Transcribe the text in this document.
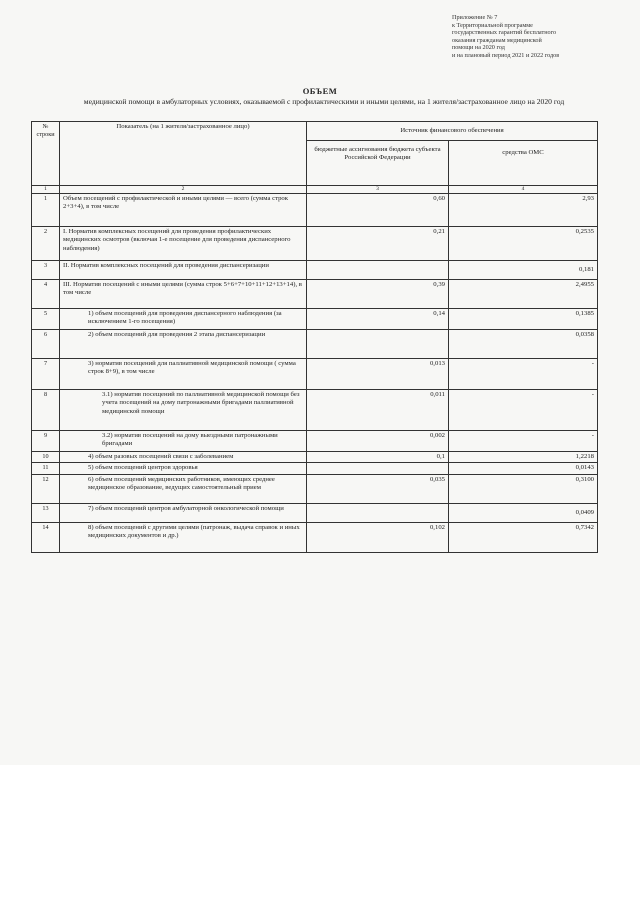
Приложение № 7
к Территориальной программе
государственных гарантий бесплатного
оказания гражданам медицинской
помощи на 2020 год
и на плановый период 2021 и 2022 годов
ОБЪЕМ
медицинской помощи в амбулаторных условиях, оказываемой с профилактическими и иными целями, на 1 жителя/застрахованное лицо на 2020 год
№ строки	Показатель (на 1 жителя/застрахованное лицо)	Источник финансового обеспечения	
		бюджетные ассигнования бюджета субъекта Российской Федерации	средства ОМС
1	2	3	4
1	Объем посещений с профилактической и иными целями — всего (сумма строк 2+3+4), в том числе	0,60	2,93
2	I. Норматив комплексных посещений для проведения профилактических медицинских осмотров (включая 1-е посещение для проведения диспансерного наблюдения)	0,21	0,2535
3	II. Норматив комплексных посещений для проведения диспансеризации		0,181
4	III. Норматив посещений с иными целями (сумма строк 5+6+7+10+11+12+13+14), в том числе	0,39	2,4955
5	1) объем посещений для проведения диспансерного наблюдения (за исключением 1-го посещения)	0,14	0,1385
6	2) объем посещений для проведения 2 этапа диспансеризации		0,0358
7	3) норматив посещений для паллиативной медицинской помощи ( сумма строк 8+9), в том числе	0,013	-
8	3.1) норматив посещений по паллиативной медицинской помощи без учета посещений на дому патронажными бригадами паллиативной медицинской помощи	0,011	-
9	3.2) норматив посещений на дому выездными патронажными бригадами	0,002	-
10	4) объем разовых посещений связи с заболеванием	0,1	1,2218
11	5) объем посещений центров здоровья		0,0143
12	6) объем посещений медицинских работников, имеющих среднее медицинское образование, ведущих самостоятельный прием	0,035	0,3100
13	7) объем посещений центров амбулаторной онкологической помощи		0,0409
14	8) объем посещений с другими целями (патронаж, выдача справок и иных медицинских документов и др.)	0,102	0,7342
